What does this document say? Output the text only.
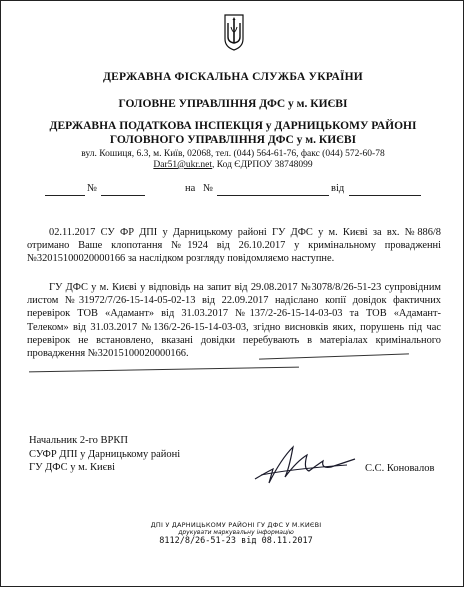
ДЕРЖАВНА ФІСКАЛЬНА СЛУЖБА УКРАЇНИ
ГОЛОВНЕ УПРАВЛІННЯ ДФС у м. КИЄВІ
ДЕРЖАВНА ПОДАТКОВА ІНСПЕКЦІЯ у ДАРНИЦЬКОМУ РАЙОНІ
ГОЛОВНОГО УПРАВЛІННЯ ДФС у м. КИЄВІ
вул. Кошиця, 6.3, м. Київ, 02068, тел. (044) 564-61-76, факс (044) 572-60-78
Dar51@ukr.net, Код ЄДРПОУ 38748099
№	на №	від
02.11.2017 СУ ФР ДПІ у Дарницькому районі ГУ ДФС у м. Києві за вх. №886/8 отримано Ваше клопотання №1924 від 26.10.2017 у кримінальному провадженні №32015100020000166 за наслідком розгляду повідомляємо наступне.
ГУ ДФС у м. Києві у відповідь на запит від 29.08.2017 №3078/8/26-51-23 супровідним листом №31972/7/26-15-14-05-02-13 від 22.09.2017 надіслано копії довідок фактичних перевірок ТОВ «Адамант» від 31.03.2017 №137/2-26-15-14-03-03 та ТОВ «Адамант-Телеком» від 31.03.2017 №136/2-26-15-14-03-03, згідно висновків яких, порушень під час перевірок не встановлено, вказані довідки перебувають в матеріалах кримінального провадження №32015100020000166.
Начальник 2-го ВРКП
СУФР ДПІ у Дарницькому районі
ГУ ДФС у м. Києві	С.С. Коновалов
ДПІ У ДАРНИЦЬКОМУ РАЙОНІ ГУ ДФС У М.КИЄВІ
друкувати маркувальну інформацію
8112/8/26-51-23 від 08.11.2017
